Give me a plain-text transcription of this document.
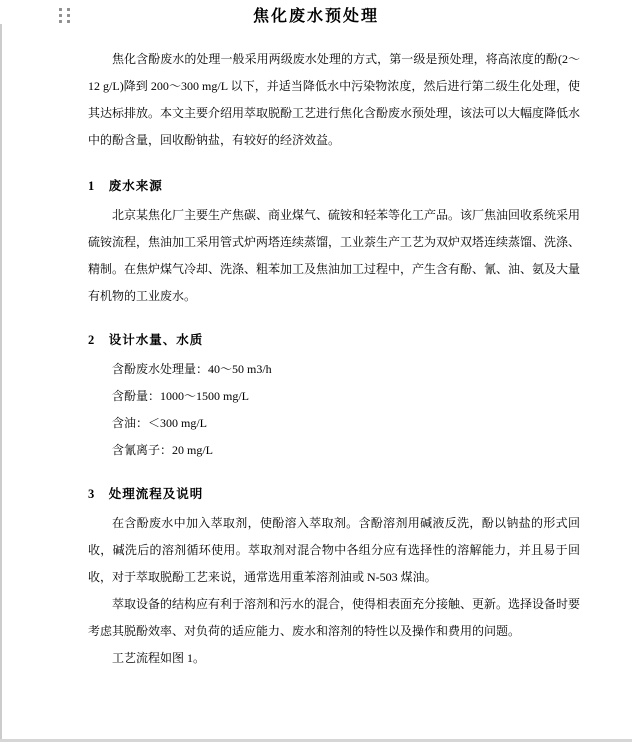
焦化废水预处理

焦化含酚废水的处理一般采用两级废水处理的方式，第一级是预处理，将高浓度的酚(2～12 g/L)降到 200～300 mg/L 以下，并适当降低水中污染物浓度，然后进行第二级生化处理，使其达标排放。本文主要介绍用萃取脱酚工艺进行焦化含酚废水预处理，该法可以大幅度降低水中的酚含量，回收酚钠盐，有较好的经济效益。

1　废水来源

北京某焦化厂主要生产焦碳、商业煤气、硫铵和轻苯等化工产品。该厂焦油回收系统采用硫铵流程，焦油加工采用管式炉两塔连续蒸馏，工业萘生产工艺为双炉双塔连续蒸馏、洗涤、精制。在焦炉煤气冷却、洗涤、粗苯加工及焦油加工过程中，产生含有酚、氰、油、氨及大量有机物的工业废水。

2　设计水量、水质

含酚废水处理量：40～50 m3/h

含酚量：1000～1500 mg/L

含油：＜300 mg/L

含氰离子：20 mg/L

3　处理流程及说明

在含酚废水中加入萃取剂，使酚溶入萃取剂。含酚溶剂用碱液反洗，酚以钠盐的形式回收，碱洗后的溶剂循环使用。萃取剂对混合物中各组分应有选择性的溶解能力，并且易于回收，对于萃取脱酚工艺来说，通常选用重苯溶剂油或 N-503 煤油。

萃取设备的结构应有利于溶剂和污水的混合，使得相表面充分接触、更新。选择设备时要考虑其脱酚效率、对负荷的适应能力、废水和溶剂的特性以及操作和费用的问题。

工艺流程如图 1。
